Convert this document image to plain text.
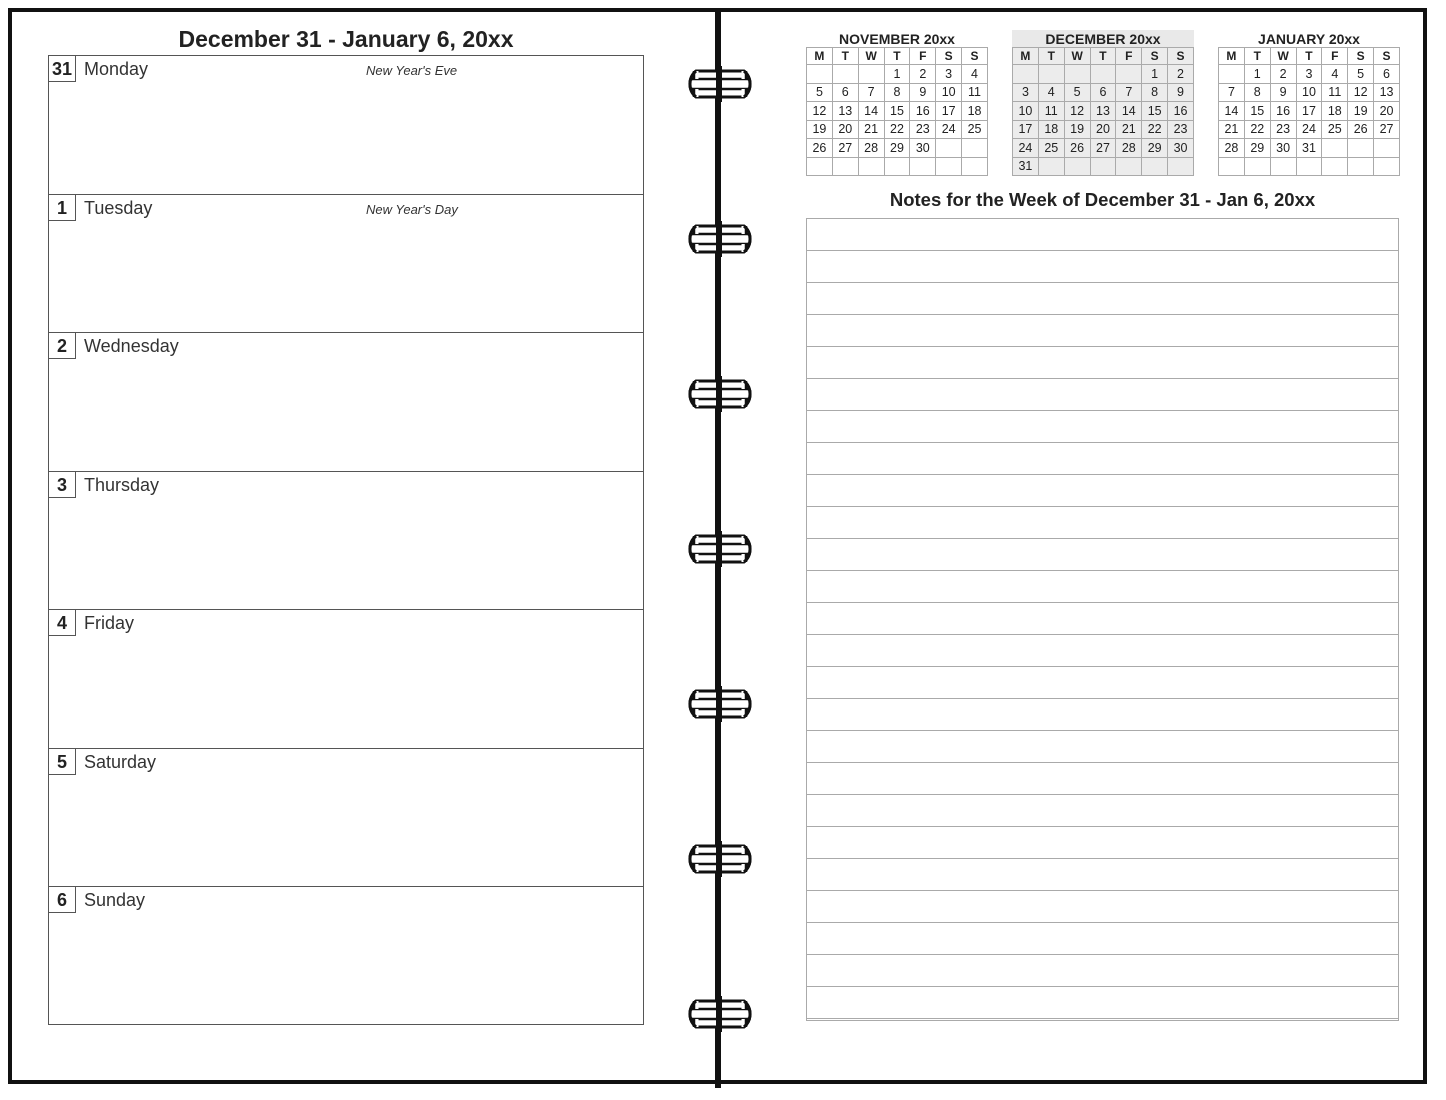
December 31 - January 6, 20xx
31 Monday	New Year's Eve
1 Tuesday	New Year's Day
2 Wednesday
3 Thursday
4 Friday
5 Saturday
6 Sunday
NOVEMBER 20xx
M	T	W	T	F	S	S
			1	2	3	4
5	6	7	8	9	10	11
12	13	14	15	16	17	18
19	20	21	22	23	24	25
26	27	28	29	30		

DECEMBER 20xx
M	T	W	T	F	S	S
					1	2
3	4	5	6	7	8	9
10	11	12	13	14	15	16
17	18	19	20	21	22	23
24	25	26	27	28	29	30
31						
JANUARY 20xx
M	T	W	T	F	S	S
	1	2	3	4	5	6
7	8	9	10	11	12	13
14	15	16	17	18	19	20
21	22	23	24	25	26	27
28	29	30	31			

Notes for the Week of December 31 - Jan 6, 20xx
